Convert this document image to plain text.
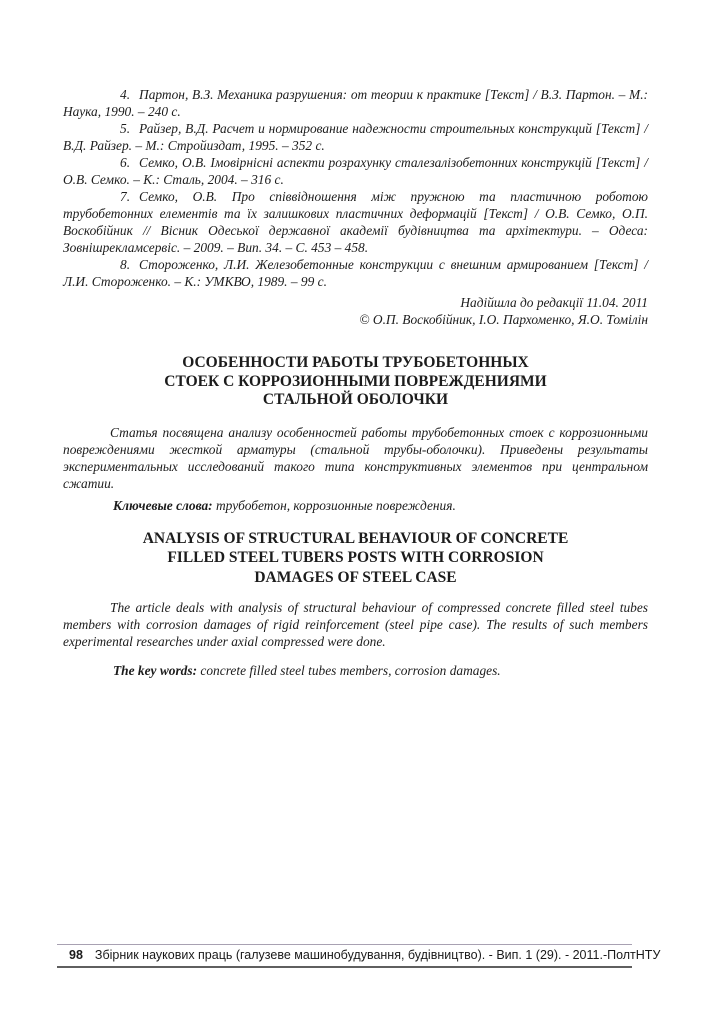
4. Партон, В.З. Механика разрушения: от теории к практике [Текст] / В.З. Партон. – М.: Наука, 1990. – 240 с.

5. Райзер, В.Д. Расчет и нормирование надежности строительных конструкций [Текст] / В.Д. Райзер. – М.: Стройиздат, 1995. – 352 с.

6. Семко, О.В. Імовірнісні аспекти розрахунку сталезалізобетонних конструкцій [Текст] / О.В. Семко. – К.: Сталь, 2004. – 316 с.

7. Семко, О.В. Про співвідношення між пружною та пластичною роботою трубобетонних елементів та їх залишкових пластичних деформацій [Текст] / О.В. Семко, О.П. Воскобійник // Вісник Одеської державної академії будівництва та архітектури. – Одеса: Зовнішрекламсервіс. – 2009. – Вип. 34. – С. 453 – 458.

8. Стороженко, Л.И. Железобетонные конструкции с внешним армированием [Текст] / Л.И. Стороженко. – К.: УМКВО, 1989. – 99 с.

Надійшла до редакції 11.04. 2011
© О.П. Воскобійник, І.О. Пархоменко, Я.О. Томілін
ОСОБЕННОСТИ РАБОТЫ ТРУБОБЕТОННЫХ
СТОЕК С КОРРОЗИОННЫМИ ПОВРЕЖДЕНИЯМИ
СТАЛЬНОЙ ОБОЛОЧКИ

Статья посвящена анализу особенностей работы трубобетонных стоек с коррозионными повреждениями жесткой арматуры (стальной трубы-оболочки). Приведены результаты экспериментальных исследований такого типа конструктивных элементов при центральном сжатии.

Ключевые слова: трубобетон, коррозионные повреждения.

ANALYSIS OF STRUCTURAL BEHAVIOUR OF CONCRETE
FILLED STEEL TUBERS POSTS WITH CORROSION
DAMAGES OF STEEL CASE

The article deals with analysis of structural behaviour of compressed concrete filled steel tubes members with corrosion damages of rigid reinforcement (steel pipe case). The results of such members experimental researches under axial compressed were done.

The key words: concrete filled steel tubes members, corrosion damages.

98 Збірник наукових праць (галузеве машинобудування, будівництво). - Вип. 1 (29). - 2011.-ПолтНТУ
